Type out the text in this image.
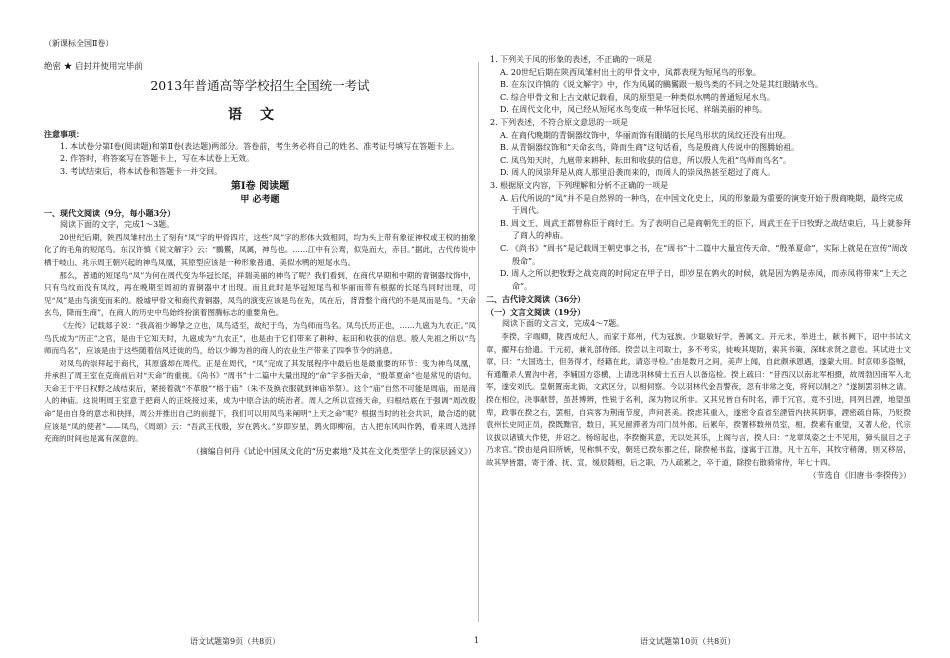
（新课标全国Ⅱ卷）
绝密 ★ 启封并使用完毕前
2013年普通高等学校招生全国统一考试
语文

注意事项：

1. 本试卷分第Ⅰ卷(阅读题)和第Ⅱ卷(表达题)两部分。答卷前，考生务必将自己的姓名、准考证号填写在答题卡上。

2. 作答时，将答案写在答题卡上，写在本试卷上无效。

3. 考试结束后，将本试卷和答题卡一并交回。

第Ⅰ卷 阅读题

甲 必考题

一、现代文阅读（9分，每小题3分）

阅读下面的文字，完成1～3题。

20世纪后期，陕西凤雏村出土了刻有“凤”字的甲骨四片，这些“凤”字的形体大致相同，均为头上带有象征神权或王权的抽象化了的毛角的短尾鸟。东汉许慎《说文解字》云：“鶠鸑，凤属，神鸟也。……江中有公鸾，似凫而大，赤目。”据此，古代传说中栖于岐山、兆示周王朝兴起的神鸟凤凰，其原型应该是一种形象普通、美似水鸭的短尾水鸟。

那么，普通的短尾鸟“凤”为何在周代变为华冠长尾，祥瑞美丽的神鸟了呢？我们看到，在商代早期和中期的青铜器纹饰中，只有鸟纹而没有凤纹，再在晚期至周初的青铜器中才出现。而且此时是华冠短尾鸟和华丽而带有根据的长尾鸟同时出现，可见“凤”是由鸟演变而来的。殷墟甲骨文和商代青铜器，凤鸟的演变应该是鸟在先，凤在后，背背整个商代的不是凤而是鸟。“天命玄鸟，降而生商”，在商人的历史中鸟始终扮演着图腾标志的重要角色。

《左传》记载郯子说：“我高祖少皞挚之立也，凤鸟适至，故纪于鸟，为鸟师而鸟名。凤鸟氏历正也，……九扈为九农正。”凤鸟氏成为“历正”之官，是由于它知天时，九扈成为“九农正”，也是由于它们带来了耕种、耘田和收获的信息。殷人先祖之所以“鸟师而鸟名”，应该是由于这些随着信风迁徙的鸟，给以少皞为首的商人的农业生产带来了四季节令的消息。

对凤鸟的崇拜起于商代，其原盛却在周代。正是在周代，“凤”完成了其发展程序中最后也是最重要的环节：变为神鸟凤凰，并承担了周王室在克商前后对“天命”的重视。《尚书》“周书”十二篇中大量出现的“命”字多指天命，“殷革夏命”也是常见的语句。天命王于平日权野之战结束后，紧接着就“不革殷”“格于庙”（朱不及换衣服就到神庙举祭）。这个“庙”自然不可能是周庙，而是商人的神庙。这说明周王室意于把商人的正统接过来，成为中原合法的统治者。周人之所以宣扬天命，归根结底在于强调“周改殷命”是由自身的意志和抉择，周公并推出自己的前提下，我们可以用凤鸟来阐明“上天之命”呢？根据当时的社会共识，最合适的就应该是“凤的使者”——凤鸟，《周颂》云：“吾武王伐殷，岁在鹑火。”岁即岁星，鹑火即柳宿，古人把东风叫作鹑，看来周人选择充商的时间也是寓有深意的。

（摘编自何丹《试论中国凤文化的“历史素地”及其在文化类型学上的深层涵义》）

1. 下列关于凤的形象的表述，不正确的一项是

A. 20世纪后期在陕西凤雏村出土的甲骨文中，凤都表现为短尾鸟的形象。

B. 在东汉许慎的《说文解字》中，作为凤属的鶠鸑跟一般鸟类的不同之处是其红眼睛水鸟。

C. 综合甲骨文和上古文献记载看，凤的原型是一种类似水鸭的普通短尾水鸟。

D. 在周代文化中，凤已经从短尾水鸟变成一种华冠长尾、祥瑞美丽的神鸟。

2. 下列表述，不符合原文意思的一项是

A. 在商代晚期的青铜器纹饰中，华丽而饰有眼睛的长尾鸟形状的凤纹还没有出现。

B. 从青铜器纹饰和“天命玄鸟，降而生商”这句话看，鸟是殷商人传说中的图腾始祖。

C. 凤鸟知天时，九扈带来耕种、耘田和收获的信息，所以殷人先祖“鸟师而鸟名”。

D. 周人的凤崇拜是从商人那里沿袭而来的，而周人的崇凤热甚至超过了商人。

3. 根据原文内容，下列理解和分析不正确的一项是

A. 后代所说的“凤”并不是自然界的一种鸟，在中国文化史上，凤的形象最为重要的演变开始于殷商晚期，最终完成于周代。

B. 周文王、周武王都曾称臣于商纣王。为了表明自己是商朝先王的臣下，周武王在于日牧野之战结束后，马上就参拜了商人的神庙。

C. 《尚书》“周书”是记载周王朝史事之书，在“周书”十二篇中大量宣传天命、“殷革夏命”，实际上就是在宣传“周改殷命”。

D. 周人之所以把牧野之战克商的时间定在甲子日，即岁星在鹑火的时候，就是因为鹑是赤凤，而赤凤将带来“上天之命”。

二、古代诗文阅读（36分）

（一）文言文阅读（19分）

阅读下面的文言文，完成4～7题。

李揆，字端卿，陇西成纪人，而家于郑州，代为冠族。少聪敏好学，善属文。开元末，举进士，献书阙下，诏中书试文章，擢拜右拾遗。干元初，兼礼部侍郎。揆尝以主司取士，多不考实，徒峻其堤防，索其书策，深昧求贤之意也。其试进士文章，曰：“大国选士，但务得才，经籍在此，请恣寻检。”由是数月之间，美声上闻，自此颇承恩遇，遂蒙大用。时京师多盗贼，有通衢杀人置沟中者，李辅国方恣横，上请选羽林骑士五百人以备巡检。揆上疏曰：“昔西汉以南北军相摄，故周勃因南军入北军，遂安刘氏。皇朝置南北衙，文武区分，以相伺察。今以羽林代金吾警夜，忽有非常之变，将何以制之？”遂制罢羽林之请。揆在相位，决事献替，虽甚博辨，性锐于名利，深为物议所非。又其兄皆自有时名，滞于冗官，竟不引进，同列吕諲，地望虽卑，政事在揆之右，罢相，自宾客为荆南节度，声问甚美。揆虑其重入，遂密令直省至諲管内抉其阴事，諲密疏自陈，乃贬揆袁州长史同正员，揆既黜官，数日，其兄留滞者为司门员外郎。后累年，揆署移数州员室，相，揆素有重望，又著人伦，代宗议拔以诸镇大作使，并诏之。杨绾起也，李揆衡其意，无以处其乐，上阁与言，揆人曰：“龙章凤姿之士不见用，獐头鼠目之子乃求官。”揆由是尚旧所嫉，见称惧不安，朝廷已揆东都之任，除揆秘书监，遂寓于江淮，凡十五年，其牧守稍薄，则又移居，故其孥皆嚣，寄于滑、抚、宣，缓辰随相，后之职，乃人疏累之，卒于道，除揆右散骑常侍，年七十四。

（节选自《旧唐书·李揆传》）

语文试题第9页（共8页）	1	语文试题第10页（共8页）
